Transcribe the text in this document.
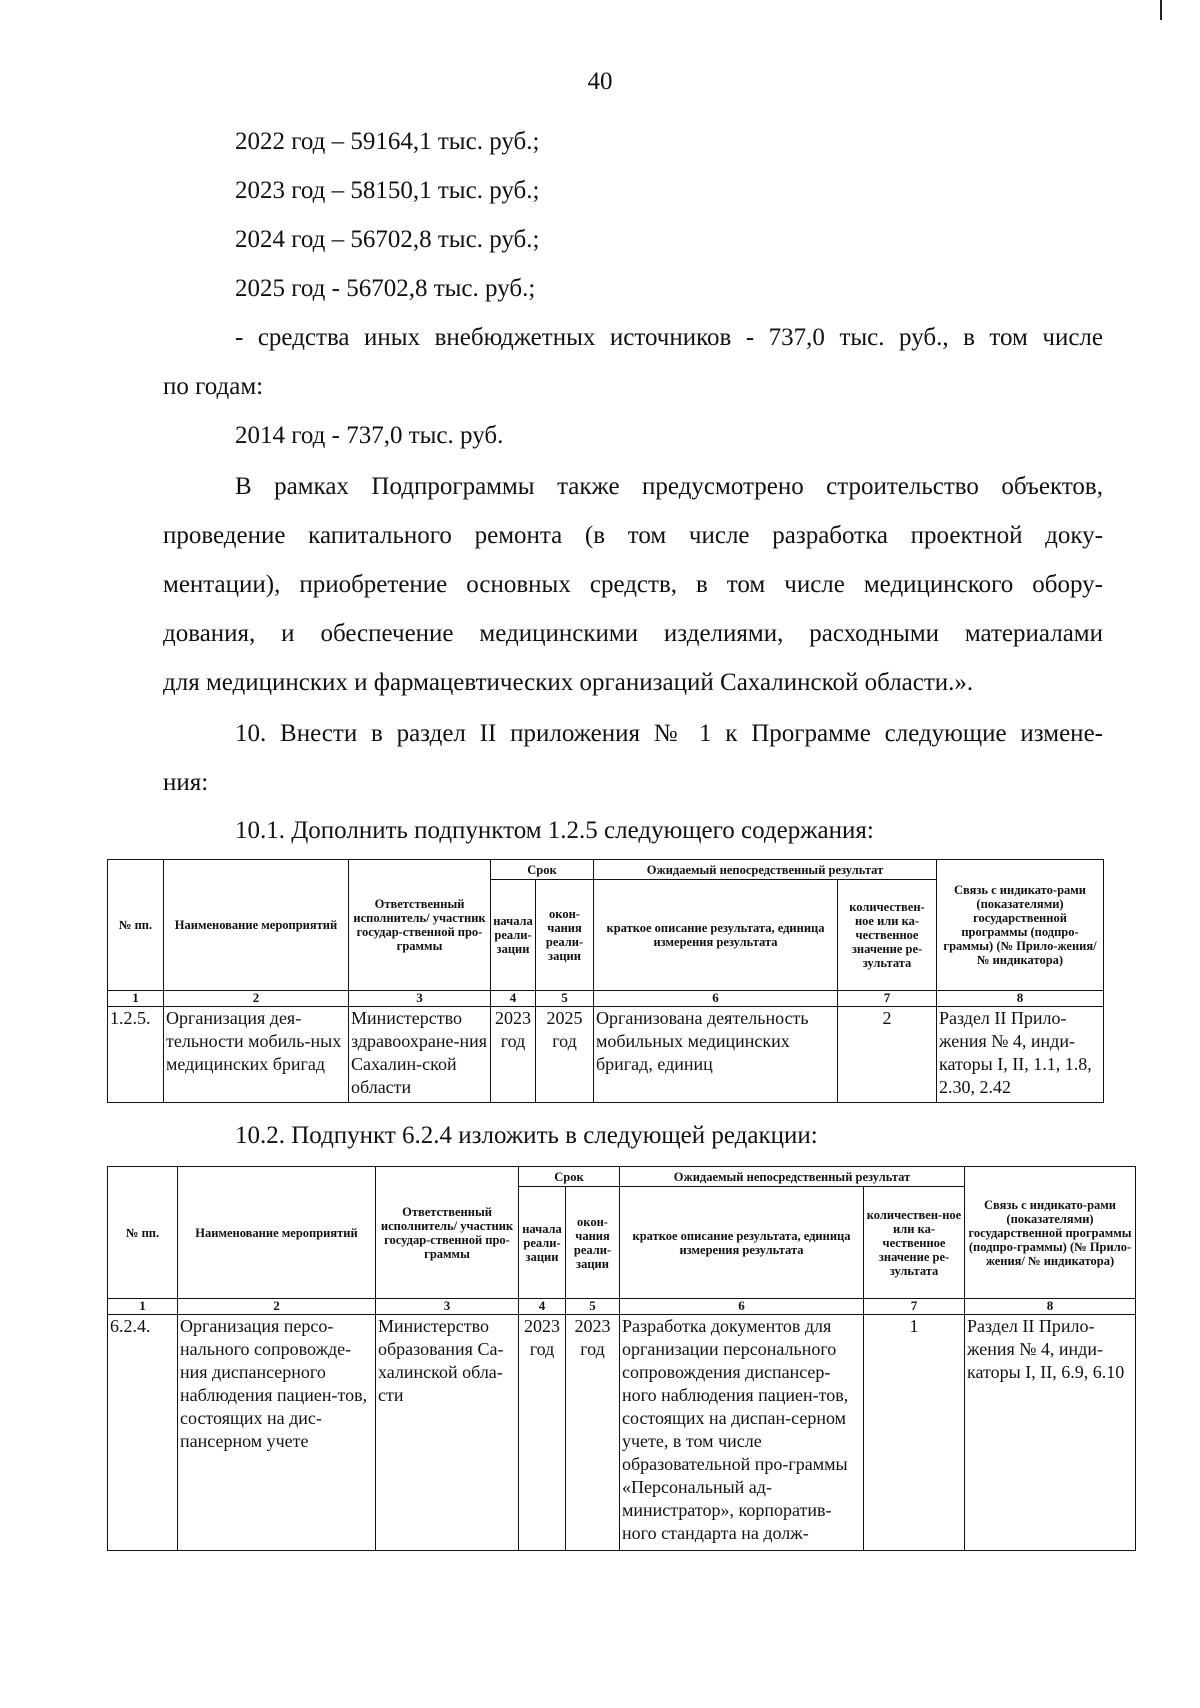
40
2022 год – 59164,1 тыс. руб.;
2023 год – 58150,1 тыс. руб.;
2024 год – 56702,8 тыс. руб.;
2025 год - 56702,8 тыс. руб.;
- средства иных внебюджетных источников - 737,0 тыс. руб., в том числе
по годам:
2014 год - 737,0 тыс. руб.
В рамках Подпрограммы также предусмотрено строительство объектов,
проведение капитального ремонта (в том числе разработка проектной доку-
ментации), приобретение основных средств, в том числе медицинского обору-
дования, и обеспечение медицинскими изделиями, расходными материалами
для медицинских и фармацевтических организаций Сахалинской области.».
10. Внести в раздел II приложения № 1 к Программе следующие измене-
ния:
10.1. Дополнить подпунктом 1.2.5 следующего содержания:
№ пп.	Наименование мероприятий	Ответственный исполнитель/ участник государ-ственной про-граммы	Срок		Ожидаемый непосредственный результат		Связь с индикато-рами (показателями) государственной программы (подпро-граммы) (№ Прило-жения/ № индикатора)
			начала реали-зации	окон-чания реали-зации	краткое описание результата, единица измерения результата	количествен-ное или ка-чественное значение ре-зультата	
1	2	3	4	5	6	7	8
1.2.5.	Организация дея-тельности мобиль-ных медицинских бригад	Министерство здравоохране-ния Сахалин-ской области	2023 год	2025 год	Организована деятельность мобильных медицинских бригад, единиц	2	Раздел II Прило-жения № 4, инди-каторы I, II, 1.1, 1.8, 2.30, 2.42
10.2. Подпункт 6.2.4 изложить в следующей редакции:
№ пп.	Наименование мероприятий	Ответственный исполнитель/ участник государ-ственной про-граммы	Срок		Ожидаемый непосредственный результат		Связь с индикато-рами (показателями) государственной программы (подпро-граммы) (№ Прило-жения/ № индикатора)
			начала реали-зации	окон-чания реали-зации	краткое описание результата, единица измерения результата	количествен-ное или ка-чественное значение ре-зультата	
1	2	3	4	5	6	7	8
6.2.4.	Организация персо-нального сопровожде-ния диспансерного наблюдения пациен-тов, состоящих на дис-пансерном учете	Министерство образования Са-халинской обла-сти	2023 год	2023 год	Разработка документов для организации персонального сопровождения диспансер-ного наблюдения пациен-тов, состоящих на диспан-серном учете, в том числе образовательной про-граммы «Персональный ад-министратор», корпоратив-ного стандарта на долж-	1	Раздел II Прило-жения № 4, инди-каторы I, II, 6.9, 6.10
